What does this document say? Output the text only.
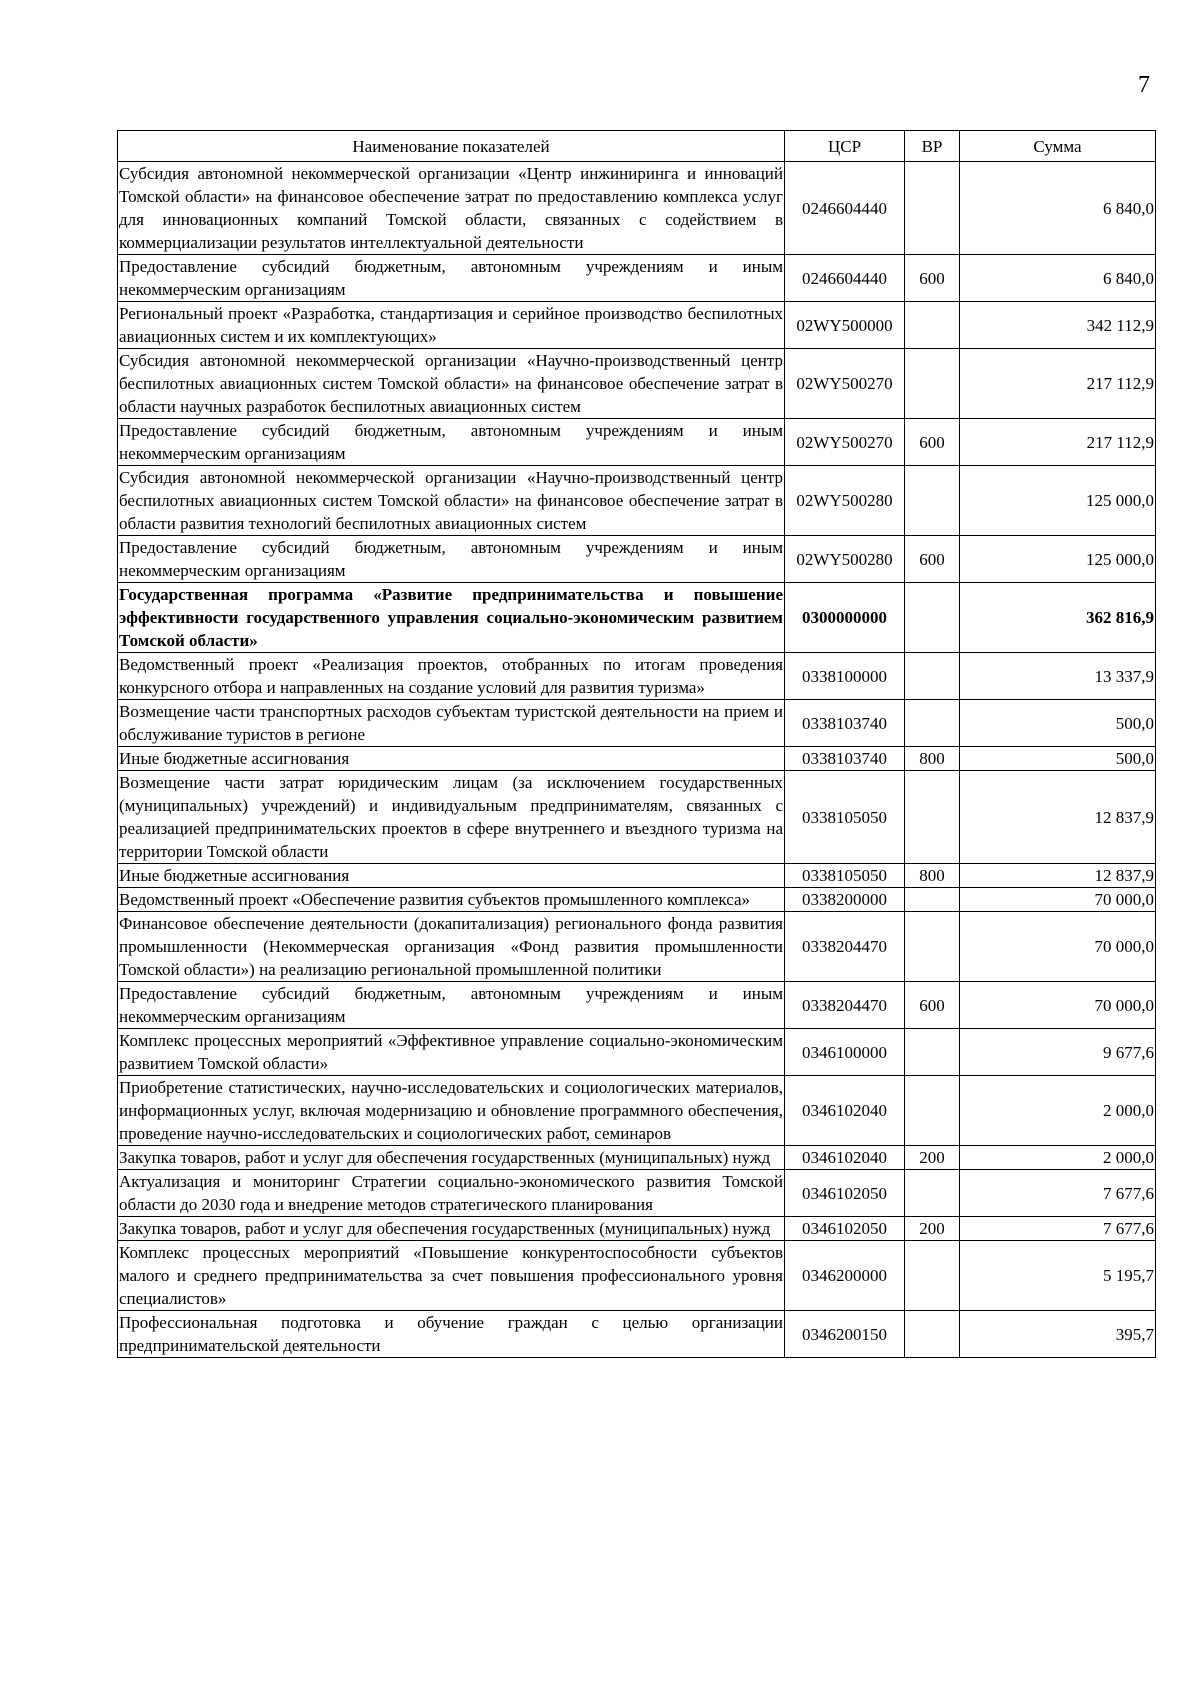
7
Наименование показателей	ЦСР	ВР	Сумма
Субсидия автономной некоммерческой организации «Центр инжиниринга и инноваций Томской области» на финансовое обеспечение затрат по предоставлению комплекса услуг для инновационных компаний Томской области, связанных с содействием в коммерциализации результатов интеллектуальной деятельности	0246604440		6 840,0
Предоставление субсидий бюджетным, автономным учреждениям и иным некоммерческим организациям	0246604440	600	6 840,0
Региональный проект «Разработка, стандартизация и серийное производство беспилотных авиационных систем и их комплектующих»	02WY500000		342 112,9
Субсидия автономной некоммерческой организации «Научно-производственный центр беспилотных авиационных систем Томской области» на финансовое обеспечение затрат в области научных разработок беспилотных авиационных систем	02WY500270		217 112,9
Предоставление субсидий бюджетным, автономным учреждениям и иным некоммерческим организациям	02WY500270	600	217 112,9
Субсидия автономной некоммерческой организации «Научно-производственный центр беспилотных авиационных систем Томской области» на финансовое обеспечение затрат в области развития технологий беспилотных авиационных систем	02WY500280		125 000,0
Предоставление субсидий бюджетным, автономным учреждениям и иным некоммерческим организациям	02WY500280	600	125 000,0
Государственная программа «Развитие предпринимательства и повышение эффективности государственного управления социально-экономическим развитием Томской области»	0300000000		362 816,9
Ведомственный проект «Реализация проектов, отобранных по итогам проведения конкурсного отбора и направленных на создание условий для развития туризма»	0338100000		13 337,9
Возмещение части транспортных расходов субъектам туристской деятельности на прием и обслуживание туристов в регионе	0338103740		500,0
Иные бюджетные ассигнования	0338103740	800	500,0
Возмещение части затрат юридическим лицам (за исключением государственных (муниципальных) учреждений) и индивидуальным предпринимателям, связанных с реализацией предпринимательских проектов в сфере внутреннего и въездного туризма на территории Томской области	0338105050		12 837,9
Иные бюджетные ассигнования	0338105050	800	12 837,9
Ведомственный проект «Обеспечение развития субъектов промышленного комплекса»	0338200000		70 000,0
Финансовое обеспечение деятельности (докапитализация) регионального фонда развития промышленности (Некоммерческая организация «Фонд развития промышленности Томской области») на реализацию региональной промышленной политики	0338204470		70 000,0
Предоставление субсидий бюджетным, автономным учреждениям и иным некоммерческим организациям	0338204470	600	70 000,0
Комплекс процессных мероприятий «Эффективное управление социально-экономическим развитием Томской области»	0346100000		9 677,6
Приобретение статистических, научно-исследовательских и социологических материалов, информационных услуг, включая модернизацию и обновление программного обеспечения, проведение научно-исследовательских и социологических работ, семинаров	0346102040		2 000,0
Закупка товаров, работ и услуг для обеспечения государственных (муниципальных) нужд	0346102040	200	2 000,0
Актуализация и мониторинг Стратегии социально-экономического развития Томской области до 2030 года и внедрение методов стратегического планирования	0346102050		7 677,6
Закупка товаров, работ и услуг для обеспечения государственных (муниципальных) нужд	0346102050	200	7 677,6
Комплекс процессных мероприятий «Повышение конкурентоспособности субъектов малого и среднего предпринимательства за счет повышения профессионального уровня специалистов»	0346200000		5 195,7
Профессиональная подготовка и обучение граждан с целью организации предпринимательской деятельности	0346200150		395,7
